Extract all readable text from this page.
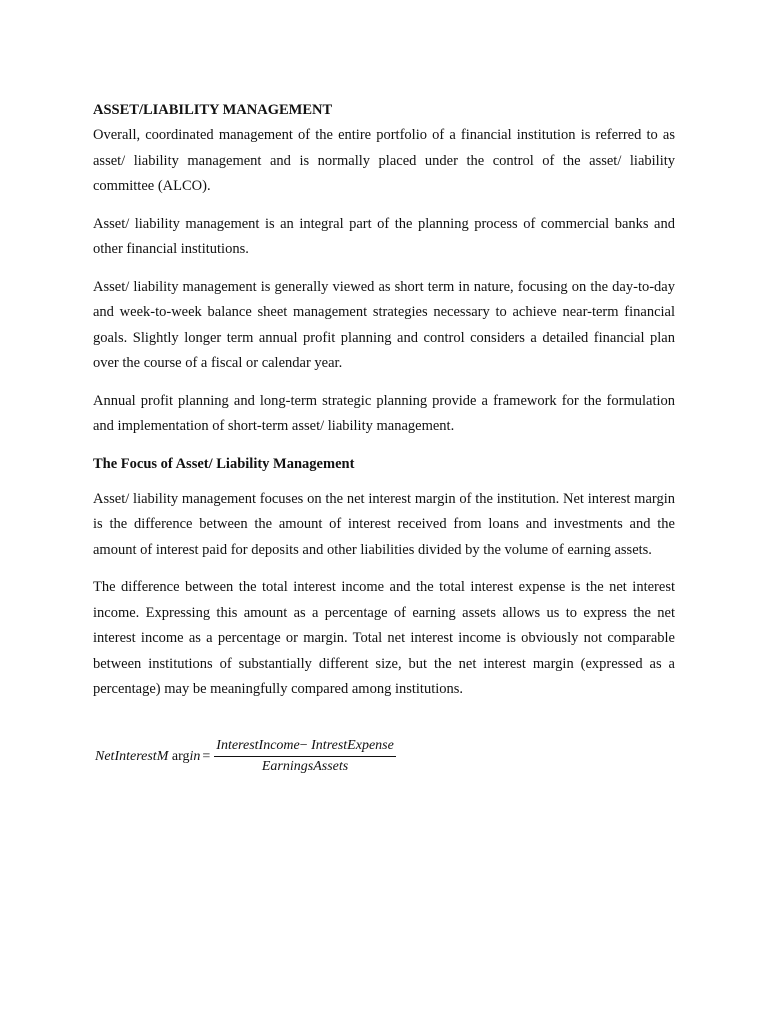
ASSET/LIABILITY MANAGEMENT

Overall, coordinated management of the entire portfolio of a financial institution is referred to as asset/ liability management and is normally placed under the control of the asset/ liability committee (ALCO).

Asset/ liability management is an integral part of the planning process of commercial banks and other financial institutions.

Asset/ liability management is generally viewed as short term in nature, focusing on the day-to-day and week-to-week balance sheet management strategies necessary to achieve near-term financial goals. Slightly longer term annual profit planning and control considers a detailed financial plan over the course of a fiscal or calendar year.

Annual profit planning and long-term strategic planning provide a framework for the formulation and implementation of short-term asset/ liability management.

The Focus of Asset/ Liability Management

Asset/ liability management focuses on the net interest margin of the institution. Net interest margin is the difference between the amount of interest received from loans and investments and the amount of interest paid for deposits and other liabilities divided by the volume of earning assets.

The difference between the total interest income and the total interest expense is the net interest income. Expressing this amount as a percentage of earning assets allows us to express the net interest income as a percentage or margin. Total net interest income is obviously not comparable between institutions of substantially different size, but the net interest margin (expressed as a percentage) may be meaningfully compared among institutions.

NetInterestM argin = $\frac{\text{InterestIncome− IntrestExpense}}{\text{EarningsAssets}}$
